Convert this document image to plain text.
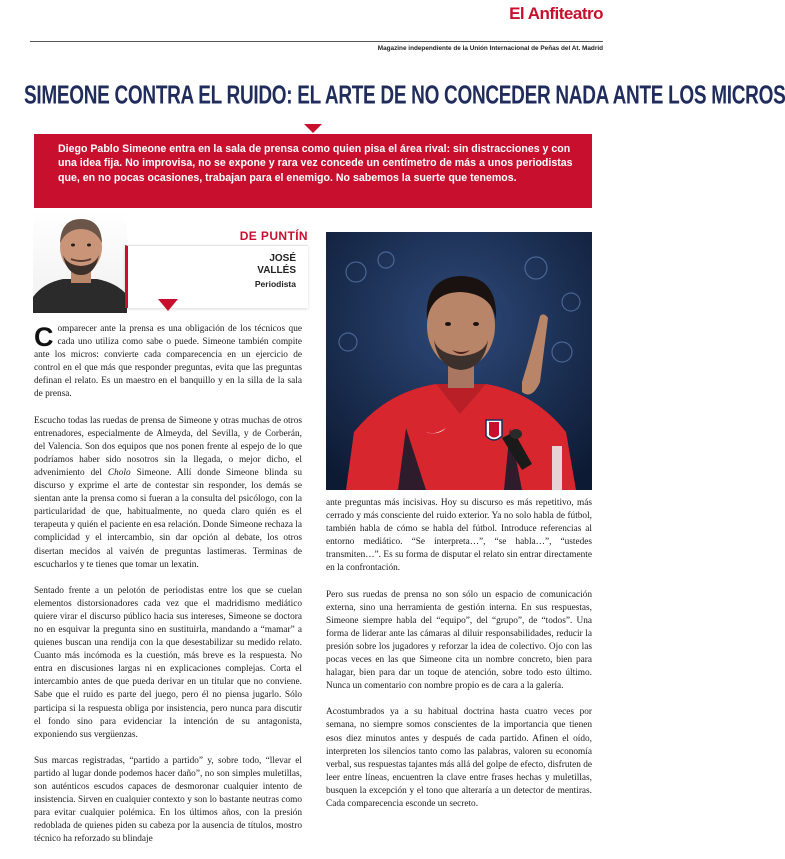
El Anfiteatro
Magazine independiente de la Unión Internacional de Peñas del At. Madrid
SIMEONE CONTRA EL RUIDO: EL ARTE DE NO CONCEDER NADA ANTE LOS MICROS
Diego Pablo Simeone entra en la sala de prensa como quien pisa el área rival: sin distracciones y con una idea fija. No improvisa, no se expone y rara vez concede un centímetro de más a unos periodistas que, en no pocas ocasiones, trabajan para el enemigo. No sabemos la suerte que tenemos.
DE PUNTÍN
JOSÉ
VALLÉS
Periodista

Comparecer ante la prensa es una obligación de los técnicos que cada uno utiliza como sabe o puede. Simeone también compite ante los micros: convierte cada comparecencia en un ejercicio de control en el que más que responder preguntas, evita que las preguntas definan el relato. Es un maestro en el banquillo y en la silla de la sala de prensa.

Escucho todas las ruedas de prensa de Simeone y otras muchas de otros entrenadores, especialmente de Almeyda, del Sevilla, y de Corberán, del Valencia. Son dos equipos que nos ponen frente al espejo de lo que podríamos haber sido nosotros sin la llegada, o mejor dicho, el advenimiento del Cholo Simeone. Allí donde Simeone blinda su discurso y exprime el arte de contestar sin responder, los demás se sientan ante la prensa como si fueran a la consulta del psicólogo, con la particularidad de que, habitualmente, no queda claro quién es el terapeuta y quién el paciente en esa relación. Donde Simeone rechaza la complicidad y el intercambio, sin dar opción al debate, los otros disertan mecidos al vaivén de preguntas lastimeras. Terminas de escucharlos y te tienes que tomar un lexatin.

Sentado frente a un pelotón de periodistas entre los que se cuelan elementos distorsionadores cada vez que el madridismo mediático quiere virar el discurso público hacia sus intereses, Simeone se doctora no en esquivar la pregunta sino en sustituirla, mandando a “mamar” a quienes buscan una rendija con la que desestabilizar su medido relato. Cuanto más incómoda es la cuestión, más breve es la respuesta. No entra en discusiones largas ni en explicaciones complejas. Corta el intercambio antes de que pueda derivar en un titular que no conviene. Sabe que el ruido es parte del juego, pero él no piensa jugarlo. Sólo participa si la respuesta obliga por insistencia, pero nunca para discutir el fondo sino para evidenciar la intención de su antagonista, exponiendo sus vergüenzas.

Sus marcas registradas, “partido a partido” y, sobre todo, “llevar el partido al lugar donde podemos hacer daño”, no son simples muletillas, son auténticos escudos capaces de desmoronar cualquier intento de insistencia. Sirven en cualquier contexto y son lo bastante neutras como para evitar cualquier polémica. En los últimos años, con la presión redoblada de quienes piden su cabeza por la ausencia de títulos, mostro técnico ha reforzado su blindaje

ante preguntas más incisivas. Hoy su discurso es más repetitivo, más cerrado y más consciente del ruido exterior. Ya no solo habla de fútbol, también habla de cómo se habla del fútbol. Introduce referencias al entorno mediático. “Se interpreta…”, “se habla…”, “ustedes transmiten…”. Es su forma de disputar el relato sin entrar directamente en la confrontación.

Pero sus ruedas de prensa no son sólo un espacio de comunicación externa, sino una herramienta de gestión interna. En sus respuestas, Simeone siempre habla del “equipo”, del “grupo”, de “todos”. Una forma de liderar ante las cámaras al diluir responsabilidades, reducir la presión sobre los jugadores y reforzar la idea de colectivo. Ojo con las pocas veces en las que Simeone cita un nombre concreto, bien para halagar, bien para dar un toque de atención, sobre todo esto último. Nunca un comentario con nombre propio es de cara a la galería.

Acostumbrados ya a su habitual doctrina hasta cuatro veces por semana, no siempre somos conscientes de la importancia que tienen esos diez minutos antes y después de cada partido. Afinen el oído, interpreten los silencios tanto como las palabras, valoren su economía verbal, sus respuestas tajantes más allá del golpe de efecto, disfruten de leer entre líneas, encuentren la clave entre frases hechas y muletillas, busquen la excepción y el tono que alteraría a un detector de mentiras. Cada comparecencia esconde un secreto.
